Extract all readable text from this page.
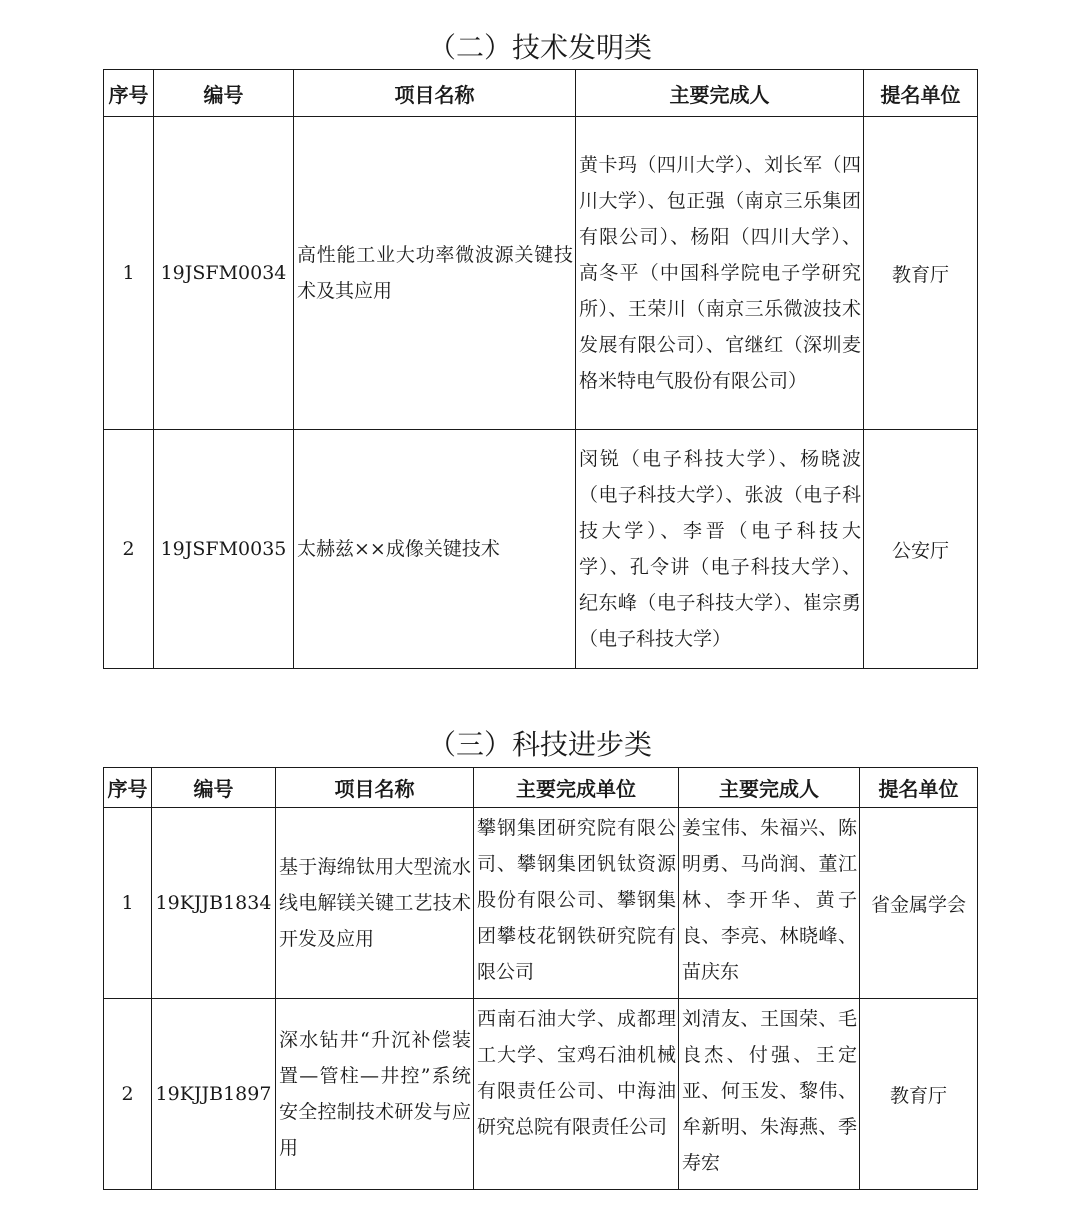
（二）技术发明类
序号	编号	项目名称	主要完成人	提名单位
1	19JSFM0034	高性能工业大功率微波源关键技术及其应用	黄卡玛（四川大学）、刘长军（四川大学）、包正强（南京三乐集团有限公司）、杨阳（四川大学）、高冬平（中国科学院电子学研究所）、王荣川（南京三乐微波技术发展有限公司）、官继红（深圳麦格米特电气股份有限公司）	教育厅
2	19JSFM0035	太赫兹××成像关键技术	闵锐（电子科技大学）、杨晓波（电子科技大学）、张波（电子科技大学）、李晋（电子科技大学）、孔令讲（电子科技大学）、纪东峰（电子科技大学）、崔宗勇（电子科技大学）	公安厅
（三）科技进步类
序号	编号	项目名称	主要完成单位	主要完成人	提名单位
1	19KJJB1834	基于海绵钛用大型流水线电解镁关键工艺技术开发及应用	攀钢集团研究院有限公司、攀钢集团钒钛资源股份有限公司、攀钢集团攀枝花钢铁研究院有限公司	姜宝伟、朱福兴、陈明勇、马尚润、董江林、李开华、黄子良、李亮、林晓峰、苗庆东	省金属学会
2	19KJJB1897	深水钻井“升沉补偿装置—管柱—井控”系统安全控制技术研发与应用	西南石油大学、成都理工大学、宝鸡石油机械有限责任公司、中海油研究总院有限责任公司	刘清友、王国荣、毛良杰、付强、王定亚、何玉发、黎伟、牟新明、朱海燕、季寿宏	教育厅
